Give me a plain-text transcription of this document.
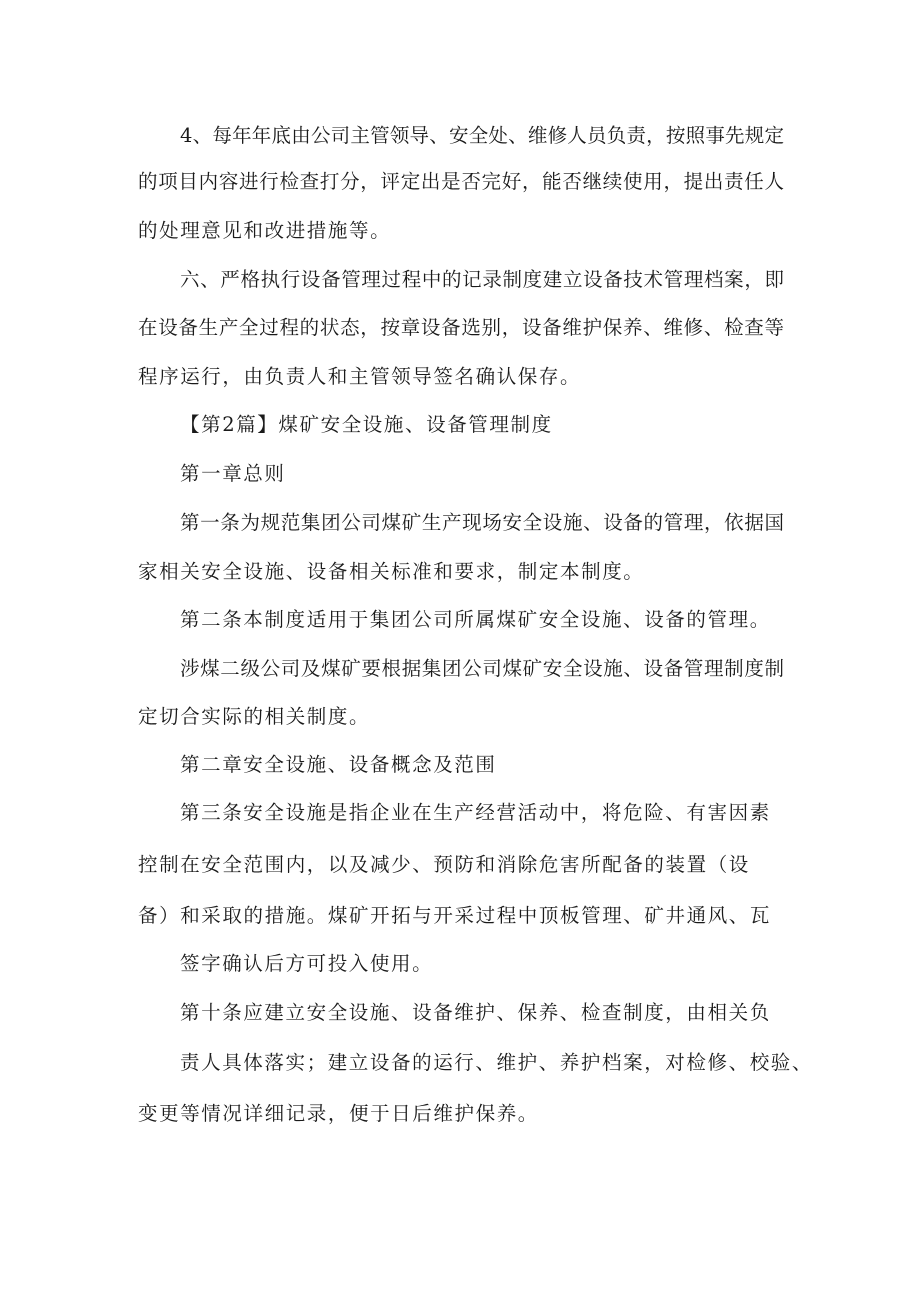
4、每年年底由公司主管领导、安全处、维修人员负责，按照事先规定
的项目内容进行检查打分，评定出是否完好，能否继续使用，提出责任人
的处理意见和改进措施等。
六、严格执行设备管理过程中的记录制度建立设备技术管理档案，即
在设备生产全过程的状态，按章设备选别，设备维护保养、维修、检查等
程序运行，由负责人和主管领导签名确认保存。
【第2篇】煤矿安全设施、设备管理制度
第一章总则
第一条为规范集团公司煤矿生产现场安全设施、设备的管理，依据国
家相关安全设施、设备相关标准和要求，制定本制度。
第二条本制度适用于集团公司所属煤矿安全设施、设备的管理。
涉煤二级公司及煤矿要根据集团公司煤矿安全设施、设备管理制度制
定切合实际的相关制度。
第二章安全设施、设备概念及范围
第三条安全设施是指企业在生产经营活动中，将危险、有害因素
控制在安全范围内，以及减少、预防和消除危害所配备的装置（设
备）和采取的措施。煤矿开拓与开采过程中顶板管理、矿井通风、瓦
签字确认后方可投入使用。
第十条应建立安全设施、设备维护、保养、检查制度，由相关负
责人具体落实；建立设备的运行、维护、养护档案，对检修、校验、
变更等情况详细记录，便于日后维护保养。
